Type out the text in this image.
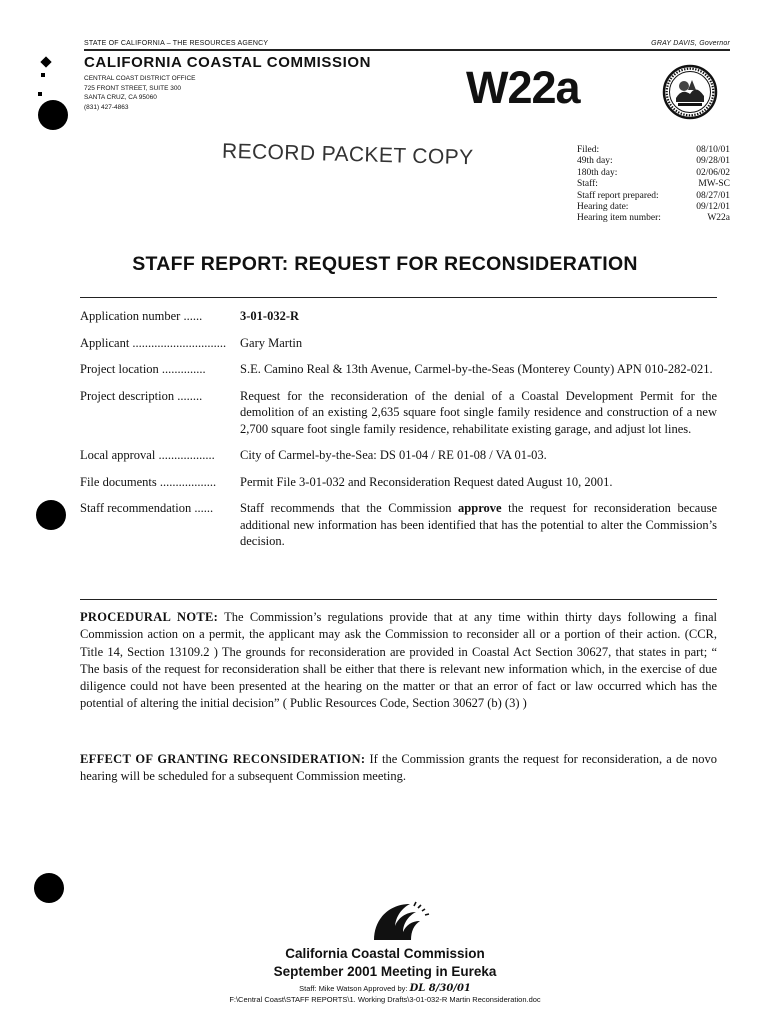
STATE OF CALIFORNIA – THE RESOURCES AGENCY	GRAY DAVIS, Governor
CALIFORNIA COASTAL COMMISSION
CENTRAL COAST DISTRICT OFFICE
725 FRONT STREET, SUITE 300
SANTA CRUZ, CA 95060
(831) 427-4863	W22a
RECORD PACKET COPY	Filed:	08/10/01
49th day:	09/28/01
180th day:	02/06/02
Staff:	MW-SC
Staff report prepared:	08/27/01
Hearing date:	09/12/01
Hearing item number:	W22a
STAFF REPORT: REQUEST FOR RECONSIDERATION
Application number ......	3-01-032-R
Applicant ..............................	Gary Martin
Project location ..............	S.E. Camino Real & 13th Avenue, Carmel-by-the-Seas (Monterey County) APN 010-282-021.
Project description ........	Request for the reconsideration of the denial of a Coastal Development Permit for the demolition of an existing 2,635 square foot single family residence and construction of a new 2,700 square foot single family residence, rehabilitate existing garage, and adjust lot lines.
Local approval ..................	City of Carmel-by-the-Sea: DS 01-04 / RE 01-08 / VA 01-03.
File documents ..................	Permit File 3-01-032 and Reconsideration Request dated August 10, 2001.
Staff recommendation ......	Staff recommends that the Commission approve the request for reconsideration because additional new information has been identified that has the potential to alter the Commission’s decision.
PROCEDURAL NOTE: The Commission’s regulations provide that at any time within thirty days following a final Commission action on a permit, the applicant may ask the Commission to reconsider all or a portion of their action. (CCR, Title 14, Section 13109.2 ) The grounds for reconsideration are provided in Coastal Act Section 30627, that states in part; “ The basis of the request for reconsideration shall be either that there is relevant new information which, in the exercise of due diligence could not have been presented at the hearing on the matter or that an error of fact or law occurred which has the potential of altering the initial decision” ( Public Resources Code, Section 30627 (b) (3) )
EFFECT OF GRANTING RECONSIDERATION: If the Commission grants the request for reconsideration, a de novo hearing will be scheduled for a subsequent Commission meeting.
California Coastal Commission
September 2001 Meeting in Eureka
Staff: Mike Watson Approved by: DL 8/30/01
F:\Central Coast\STAFF REPORTS\1. Working Drafts\3-01-032-R Martin Reconsideration.doc
